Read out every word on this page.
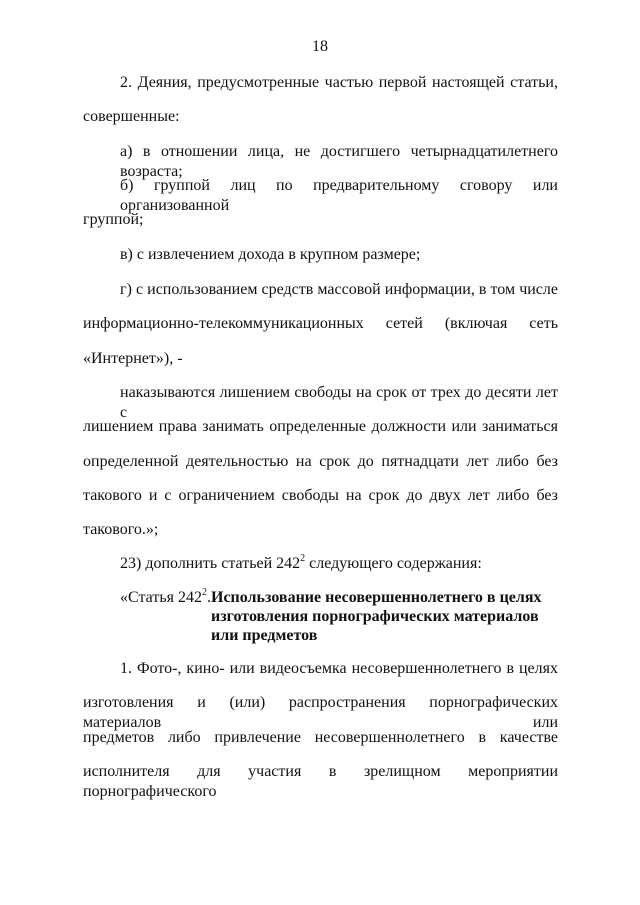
18
2. Деяния, предусмотренные частью первой настоящей статьи,
совершенные:
а) в отношении лица, не достигшего четырнадцатилетнего возраста;
б) группой лиц по предварительному сговору или организованной
группой;
в) с извлечением дохода в крупном размере;
г) с использованием средств массовой информации, в том числе
информационно-телекоммуникационных сетей (включая сеть
«Интернет»), -
наказываются лишением свободы на срок от трех до десяти лет с
лишением права занимать определенные должности или заниматься
определенной деятельностью на срок до пятнадцати лет либо без
такового и с ограничением свободы на срок до двух лет либо без
такового.»;
23) дополнить статьей $242^2$ следующего содержания:
«Статья $242^2$. Использование несовершеннолетнего в целях
изготовления порнографических материалов
или предметов
1. Фото-, кино- или видеосъемка несовершеннолетнего в целях
изготовления и (или) распространения порнографических материалов или
предметов либо привлечение несовершеннолетнего в качестве
исполнителя для участия в зрелищном мероприятии порнографического
